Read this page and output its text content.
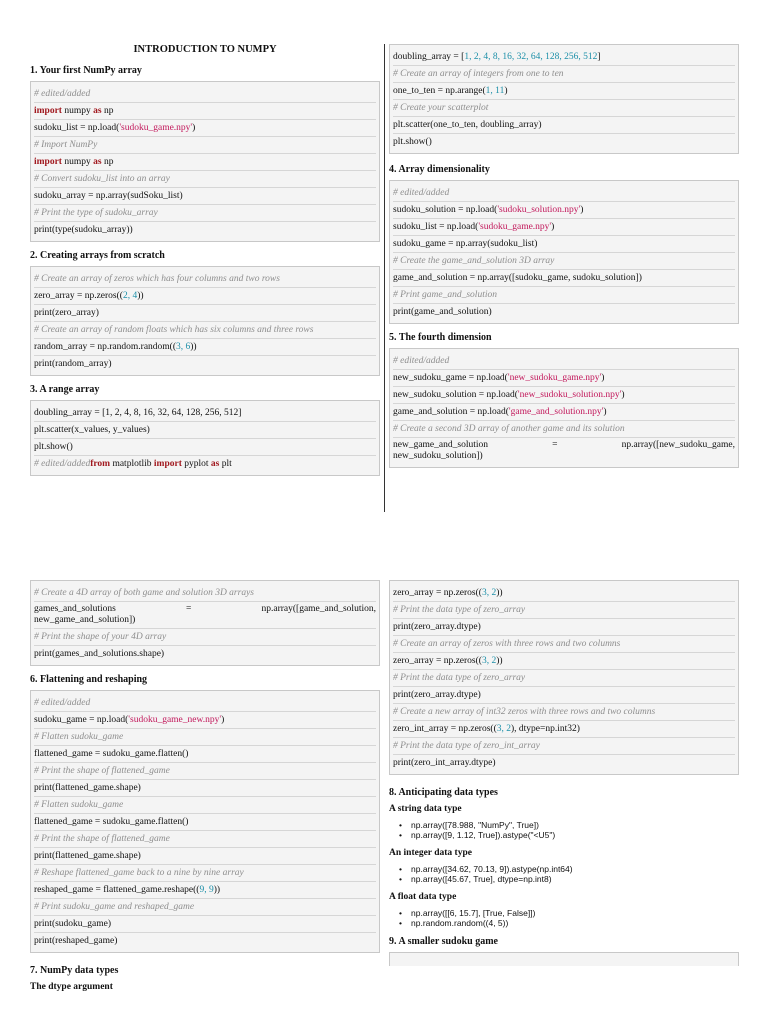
INTRODUCTION TO NUMPY
1. Your first NumPy array
# edited/added
import numpy as np
sudoku_list = np.load('sudoku_game.npy')
# Import NumPy
import numpy as np
# Convert sudoku_list into an array
sudoku_array = np.array(sudSoku_list)
# Print the type of sudoku_array
print(type(sudoku_array))
2. Creating arrays from scratch
# Create an array of zeros which has four columns and two rows
zero_array = np.zeros((2, 4))
print(zero_array)
# Create an array of random floats which has six columns and three rows
random_array = np.random.random((3, 6))
print(random_array)
3. A range array
doubling_array = [1, 2, 4, 8, 16, 32, 64, 128, 256, 512]
plt.scatter(x_values, y_values)
plt.show()
# edited/addedfrom matplotlib import pyplot as plt
doubling_array = [1, 2, 4, 8, 16, 32, 64, 128, 256, 512]
# Create an array of integers from one to ten
one_to_ten = np.arange(1, 11)
# Create your scatterplot
plt.scatter(one_to_ten, doubling_array)
plt.show()
4. Array dimensionality
# edited/added
sudoku_solution = np.load('sudoku_solution.npy')
sudoku_list = np.load('sudoku_game.npy')
sudoku_game = np.array(sudoku_list)
# Create the game_and_solution 3D array
game_and_solution = np.array([sudoku_game, sudoku_solution])
# Print game_and_solution
print(game_and_solution)
5. The fourth dimension
# edited/added
new_sudoku_game = np.load('new_sudoku_game.npy')
new_sudoku_solution = np.load('new_sudoku_solution.npy')
game_and_solution = np.load('game_and_solution.npy')
# Create a second 3D array of another game and its solution
new_game_and_solution	=	np.array([new_sudoku_game,
new_sudoku_solution])
# Create a 4D array of both game and solution 3D arrays
games_and_solutions	=	np.array([game_and_solution,
new_game_and_solution])
# Print the shape of your 4D array
print(games_and_solutions.shape)
6. Flattening and reshaping
# edited/added
sudoku_game = np.load('sudoku_game_new.npy')
# Flatten sudoku_game
flattened_game = sudoku_game.flatten()
# Print the shape of flattened_game
print(flattened_game.shape)
# Flatten sudoku_game
flattened_game = sudoku_game.flatten()
# Print the shape of flattened_game
print(flattened_game.shape)
# Reshape flattened_game back to a nine by nine array
reshaped_game = flattened_game.reshape((9, 9))
# Print sudoku_game and reshaped_game
print(sudoku_game)
print(reshaped_game)
7. NumPy data types
The dtype argument
zero_array = np.zeros((3, 2))
# Print the data type of zero_array
print(zero_array.dtype)
# Create an array of zeros with three rows and two columns
zero_array = np.zeros((3, 2))
# Print the data type of zero_array
print(zero_array.dtype)
# Create a new array of int32 zeros with three rows and two columns
zero_int_array = np.zeros((3, 2), dtype=np.int32)
# Print the data type of zero_int_array
print(zero_int_array.dtype)
8. Anticipating data types
A string data type
• np.array([78.988, "NumPy", True])
• np.array([9, 1.12, True]).astype("<U5")
An integer data type
• np.array([34.62, 70.13, 9]).astype(np.int64)
• np.array([45.67, True], dtype=np.int8)
A float data type
• np.array([[6, 15.7], [True, False]])
• np.random.random((4, 5))
9. A smaller sudoku game
